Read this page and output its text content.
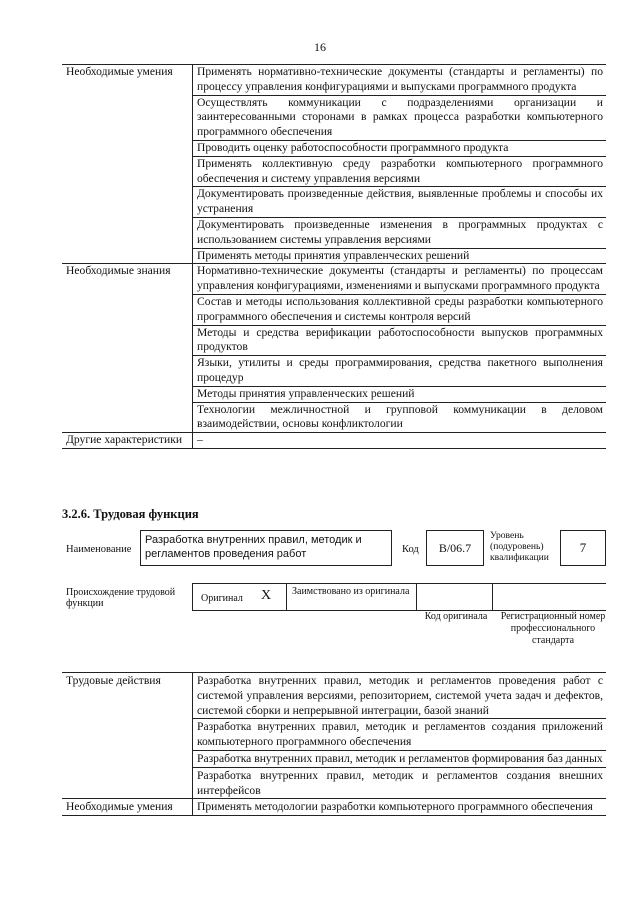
16
Необходимые умения	Применять нормативно-технические документы (стандарты и регламенты) по процессу управления конфигурациями и выпусками программного продукта
	Осуществлять коммуникации с подразделениями организации и заинтересованными сторонами в рамках процесса разработки компьютерного программного обеспечения
	Проводить оценку работоспособности программного продукта
	Применять коллективную среду разработки компьютерного программного обеспечения и систему управления версиями
	Документировать произведенные действия, выявленные проблемы и способы их устранения
	Документировать произведенные изменения в программных продуктах с использованием системы управления версиями
	Применять методы принятия управленческих решений
Необходимые знания	Нормативно-технические документы (стандарты и регламенты) по процессам управления конфигурациями, изменениями и выпусками программного продукта
	Состав и методы использования коллективной среды разработки компьютерного программного обеспечения и системы контроля версий
	Методы и средства верификации работоспособности выпусков программных продуктов
	Языки, утилиты и среды программирования, средства пакетного выполнения процедур
	Методы принятия управленческих решений
	Технологии межличностной и групповой коммуникации в деловом взаимодействии, основы конфликтологии
Другие характеристики	–
3.2.6. Трудовая функция
Наименование
Разработка внутренних правил, методик и регламентов проведения работ	Код	B/06.7
Уровень (подуровень) квалификации
7
Происхождение трудовой функции	Оригинал X Заимствовано из оригинала
Код оригинала Регистрационный номер профессионального стандарта
Трудовые действия	Разработка внутренних правил, методик и регламентов проведения работ с системой управления версиями, репозиторием, системой учета задач и дефектов, системой сборки и непрерывной интеграции, базой знаний
	Разработка внутренних правил, методик и регламентов создания приложений компьютерного программного обеспечения
	Разработка внутренних правил, методик и регламентов формирования баз данных
	Разработка внутренних правил, методик и регламентов создания внешних интерфейсов
Необходимые умения	Применять методологии разработки компьютерного программного обеспечения
